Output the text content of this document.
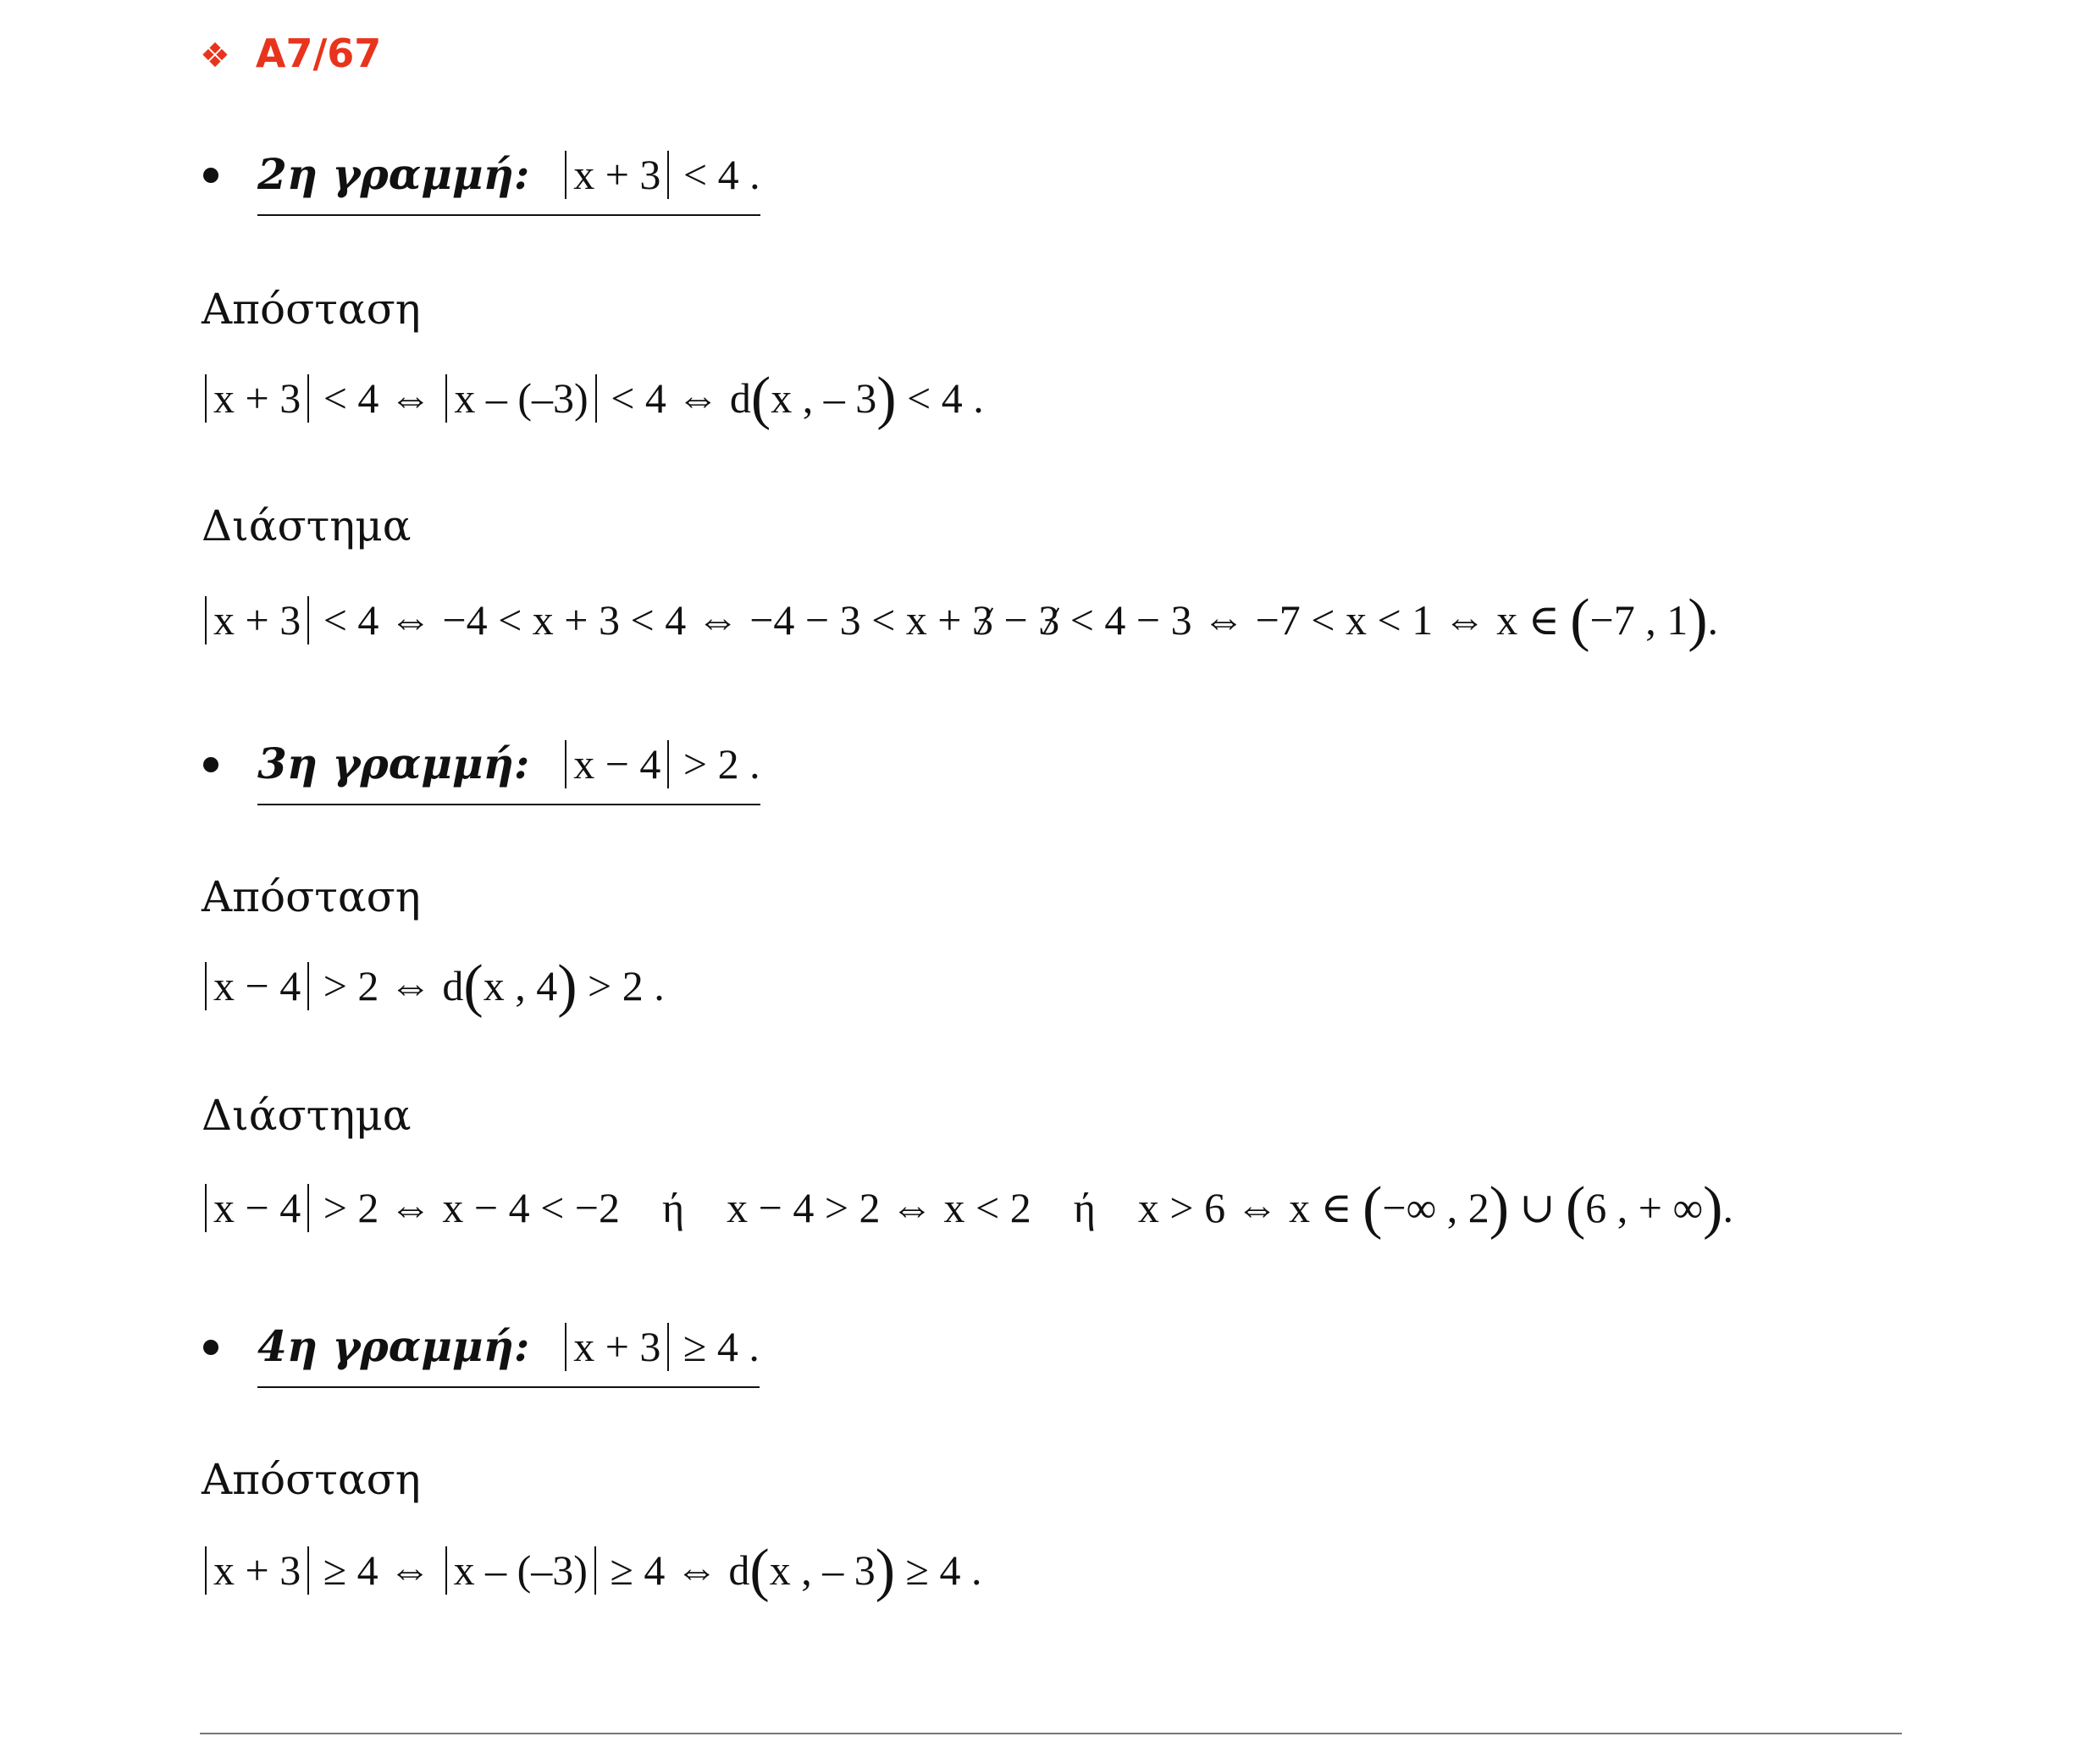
❖ A7/67
2η γραμμή: x + 3 < 4 .
Απόσταση
x + 3 < 4 ⇔ x – (–3) < 4 ⇔ d(x , – 3) < 4 .
Διάστημα
x + 3 < 4 ⇔ −4 < x + 3 < 4 ⇔ −4 − 3 < x + 3 − 3 < 4 − 3 ⇔ −7 < x < 1 ⇔ x ∈ (−7 , 1).
3η γραμμή: x − 4 > 2 .
Απόσταση
x − 4 > 2 ⇔ d(x , 4) > 2 .
Διάστημα
x − 4 > 2 ⇔ x − 4 < −2    ή    x − 4 > 2 ⇔ x < 2    ή    x > 6 ⇔ x ∈ (−∞ , 2) ∪ (6 , + ∞).
4η γραμμή: x + 3 ≥ 4 .
Απόσταση
x + 3 ≥ 4 ⇔ x – (–3) ≥ 4 ⇔ d(x , – 3) ≥ 4 .
